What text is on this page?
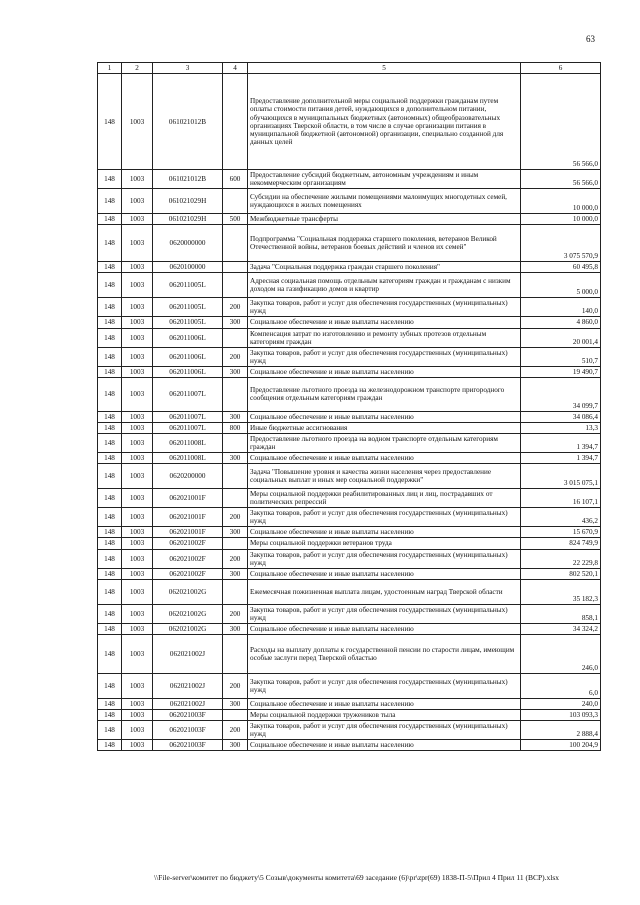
63
1	2	3	4	5	6
148	1003	061021012В		Предоставление дополнительной меры социальной поддержки гражданам путем оплаты стоимости питания детей, нуждающихся в дополнительном питании, обучающихся в муниципальных бюджетных (автономных) общеобразовательных организациях Тверской области, в том числе в случае организации питания в муниципальной бюджетной (автономной) организации, специально созданной для данных целей	56 566,0
148	1003	061021012В	600	Предоставление субсидий бюджетным, автономным учреждениям и иным некоммерческим организациям	56 566,0
148	1003	061021029Н		Субсидии на обеспечение жилыми помещениями малоимущих многодетных семей, нуждающихся в жилых помещениях	10 000,0
148	1003	061021029Н	500	Межбюджетные трансферты	10 000,0
148	1003	0620000000		Подпрограмма "Социальная поддержка старшего поколения, ветеранов Великой Отечественной войны, ветеранов боевых действий и членов их семей"	3 075 570,9
148	1003	0620100000		Задача "Социальная поддержка граждан старшего поколения"	60 495,8
148	1003	062011005L		Адресная социальная помощь отдельным категориям граждан и гражданам с низким доходом на газификацию домов и квартир	5 000,0
148	1003	062011005L	200	Закупка товаров, работ и услуг для обеспечения государственных (муниципальных) нужд	140,0
148	1003	062011005L	300	Социальное обеспечение и иные выплаты населению	4 860,0
148	1003	062011006L		Компенсация затрат по изготовлению и ремонту зубных протезов отдельным категориям граждан	20 001,4
148	1003	062011006L	200	Закупка товаров, работ и услуг для обеспечения государственных (муниципальных) нужд	510,7
148	1003	062011006L	300	Социальное обеспечение и иные выплаты населению	19 490,7
148	1003	062011007L		Предоставление льготного проезда на железнодорожном транспорте пригородного сообщения отдельным категориям граждан	34 099,7
148	1003	062011007L	300	Социальное обеспечение и иные выплаты населению	34 086,4
148	1003	062011007L	800	Иные бюджетные ассигнования	13,3
148	1003	062011008L		Предоставление льготного проезда на водном транспорте отдельным категориям граждан	1 394,7
148	1003	062011008L	300	Социальное обеспечение и иные выплаты населению	1 394,7
148	1003	0620200000		Задача "Повышение уровня и качества жизни населения через предоставление социальных выплат и иных мер социальной поддержки"	3 015 075,1
148	1003	062021001F		Меры социальной поддержки реабилитированных лиц и лиц, пострадавших от политических репрессий	16 107,1
148	1003	062021001F	200	Закупка товаров, работ и услуг для обеспечения государственных (муниципальных) нужд	436,2
148	1003	062021001F	300	Социальное обеспечение и иные выплаты населению	15 670,9
148	1003	062021002F		Меры социальной поддержки ветеранов труда	824 749,9
148	1003	062021002F	200	Закупка товаров, работ и услуг для обеспечения государственных (муниципальных) нужд	22 229,8
148	1003	062021002F	300	Социальное обеспечение и иные выплаты населению	802 520,1
148	1003	062021002G		Ежемесячная пожизненная выплата лицам, удостоенным наград Тверской области	35 182,3
148	1003	062021002G	200	Закупка товаров, работ и услуг для обеспечения государственных (муниципальных) нужд	858,1
148	1003	062021002G	300	Социальное обеспечение и иные выплаты населению	34 324,2
148	1003	062021002J		Расходы на выплату доплаты к государственной пенсии по старости лицам, имеющим особые заслуги перед Тверской областью	246,0
148	1003	062021002J	200	Закупка товаров, работ и услуг для обеспечения государственных (муниципальных) нужд	6,0
148	1003	062021002J	300	Социальное обеспечение и иные выплаты населению	240,0
148	1003	062021003F		Меры социальной поддержки тружеников тыла	103 093,3
148	1003	062021003F	200	Закупка товаров, работ и услуг для обеспечения государственных (муниципальных) нужд	2 888,4
148	1003	062021003F	300	Социальное обеспечение и иные выплаты населению	100 204,9
\\File-server\комитет по бюджету\5 Созыв\документы комитета\69 заседание (6)\pr\zpr(69) 1838-П-5\Прил 4 Прил 11 (ВСР).xlsx
